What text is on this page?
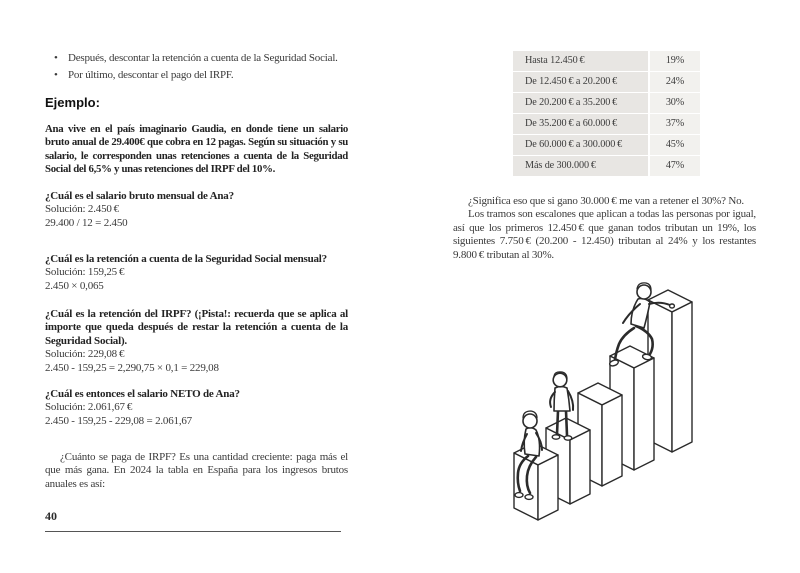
• Después, descontar la retención a cuenta de la Seguridad Social.
• Por último, descontar el pago del IRPF.
Ejemplo:

Ana vive en el país imaginario Gaudia, en donde tiene un salario bruto anual de 29.400€ que cobra en 12 pagas. Según su situación y su salario, le corresponden unas retenciones a cuenta de la Seguridad Social del 6,5% y unas retenciones del IRPF del 10%.

¿Cuál es el salario bruto mensual de Ana?

Solución: 2.450 €

29.400 / 12 = 2.450

¿Cuál es la retención a cuenta de la Seguridad Social mensual?

Solución: 159,25 €

2.450 × 0,065

¿Cuál es la retención del IRPF? (¡Pista!: recuerda que se aplica al importe que queda después de restar la retención a cuenta de la Seguridad Social).

Solución: 229,08 €

2.450 - 159,25 = 2,290,75 × 0,1 = 229,08

¿Cuál es entonces el salario NETO de Ana?

Solución: 2.061,67 €

2.450 - 159,25 - 229,08 = 2.061,67

¿Cuánto se paga de IRPF? Es una cantidad creciente: paga más el que más gana. En 2024 la tabla en España para los ingresos brutos anuales es así:

40
Hasta 12.450 €	19%
De 12.450 € a 20.200 €	24%
De 20.200 € a 35.200 €	30%
De 35.200 € a 60.000 €	37%
De 60.000 € a 300.000 €	45%
Más de 300.000 €	47%

¿Significa eso que si gano 30.000 € me van a retener el 30%? No.

Los tramos son escalones que aplican a todas las personas por igual, así que los primeros 12.450 € que ganan todos tributan un 19%, los siguientes 7.750 € (20.200 - 12.450) tributan al 24% y los restantes 9.800 € tributan al 30%.
